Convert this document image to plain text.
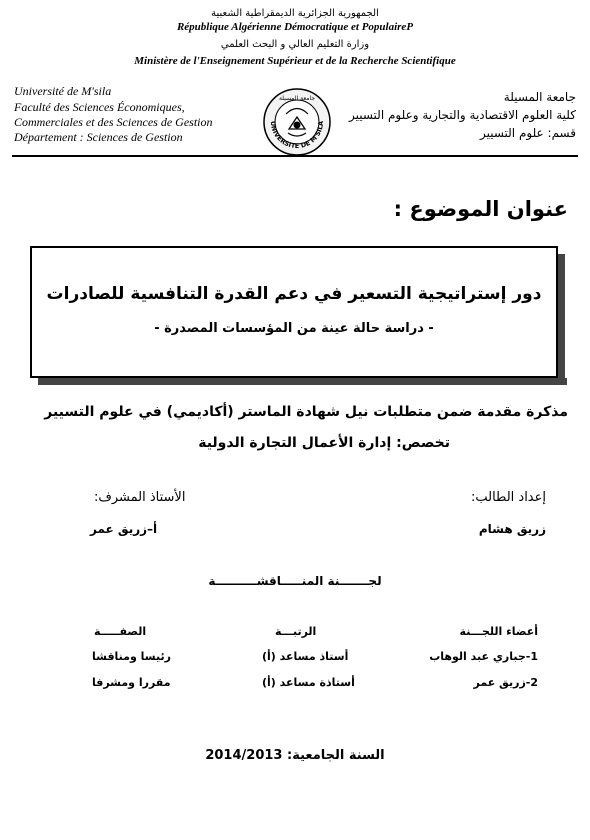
الجمهورية الجزائرية الديمقراطية الشعبية
République Algérienne Démocratique et PopulaireP
وزارة التعليم العالي و البحث العلمي
Ministère de l'Enseignement Supérieur et de la Recherche Scientifique
Université de M'sila
Faculté des Sciences Économiques,
Commerciales et des Sciences de Gestion
Département : Sciences de Gestion
جامعة المسيلة
كلية العلوم الاقتصادية والتجارية وعلوم التسيير
قسم: علوم التسيير
UNIVERSITE DE M'SILA
جامعة المسيلة
عنوان الموضوع :
دور إستراتيجية التسعير في دعم القدرة التنافسية للصادرات
- دراسة حالة عينة من المؤسسات المصدرة -
مذكرة مقدمة ضمن متطلبات نيل شهادة الماستر (أكاديمي) في علوم التسيير
تخصص: إدارة الأعمال التجارة الدولية
إعداد الطالب:
الأستاذ المشرف:
زريق هشام
أ–زريق عمر
لجـــــــنة المنـــــاقشــــــــــة
أعضاء اللجـــنة
الرتبـــة
الصفـــــة
1-جباري عبد الوهاب
أستاذ مساعد (أ)
رئيسا ومناقشا
2-زريق عمر
أستاذة مساعد (أ)
مقررا ومشرفا
السنة الجامعية: 2014/2013
